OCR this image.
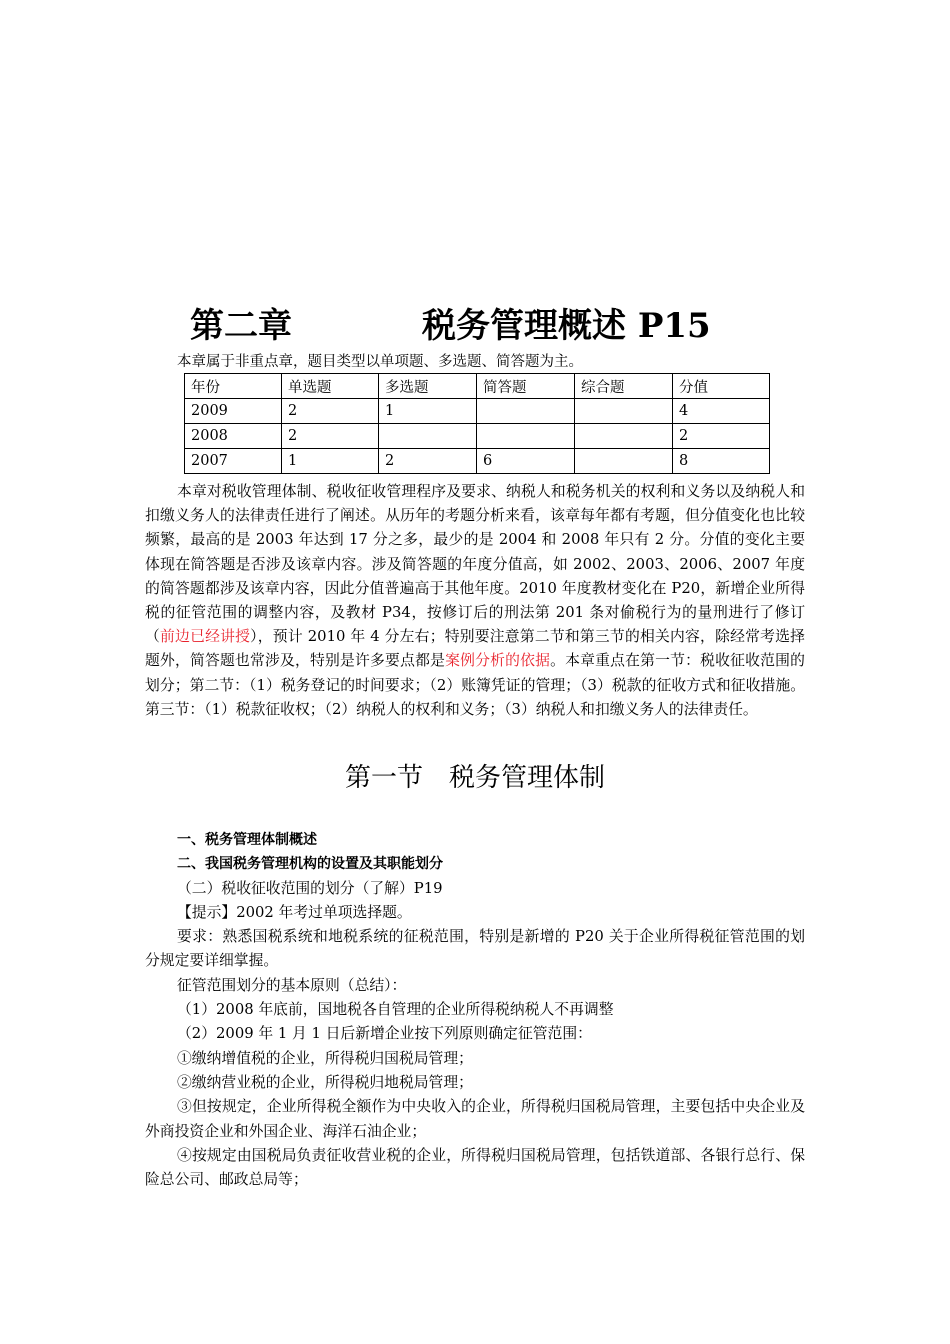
第二章	税务管理概述 P15
本章属于非重点章，题目类型以单项题、多选题、简答题为主。
年份	单选题	多选题	简答题	综合题	分值
2009	2	1			4
2008	2				2
2007	1	2	6		8
本章对税收管理体制、税收征收管理程序及要求、纳税人和税务机关的权利和义务以及纳税人和扣缴义务人的法律责任进行了阐述。从历年的考题分析来看，该章每年都有考题，但分值变化也比较频繁，最高的是 2003 年达到 17 分之多，最少的是 2004 和 2008 年只有 2 分。分值的变化主要体现在简答题是否涉及该章内容。涉及简答题的年度分值高，如 2002、2003、2006、2007 年度的简答题都涉及该章内容，因此分值普遍高于其他年度。2010 年度教材变化在 P20，新增企业所得税的征管范围的调整内容，及教材 P34，按修订后的刑法第 201 条对偷税行为的量刑进行了修订（前边已经讲授），预计 2010 年 4 分左右；特别要注意第二节和第三节的相关内容，除经常考选择题外，简答题也常涉及，特别是许多要点都是案例分析的依据。本章重点在第一节：税收征收范围的划分；第二节：（1）税务登记的时间要求；（2）账簿凭证的管理；（3）税款的征收方式和征收措施。第三节：（1）税款征收权；（2）纳税人的权利和义务；（3）纳税人和扣缴义务人的法律责任。
第一节　税务管理体制
一、税务管理体制概述
二、我国税务管理机构的设置及其职能划分
（二）税收征收范围的划分（了解）P19
【提示】2002 年考过单项选择题。
要求：熟悉国税系统和地税系统的征税范围，特别是新增的 P20 关于企业所得税征管范围的划分规定要详细掌握。
征管范围划分的基本原则（总结）：
（1）2008 年底前，国地税各自管理的企业所得税纳税人不再调整
（2）2009 年 1 月 1 日后新增企业按下列原则确定征管范围：
①缴纳增值税的企业，所得税归国税局管理；
②缴纳营业税的企业，所得税归地税局管理；
③但按规定，企业所得税全额作为中央收入的企业，所得税归国税局管理，主要包括中央企业及外商投资企业和外国企业、海洋石油企业；
④按规定由国税局负责征收营业税的企业，所得税归国税局管理，包括铁道部、各银行总行、保险总公司、邮政总局等；
